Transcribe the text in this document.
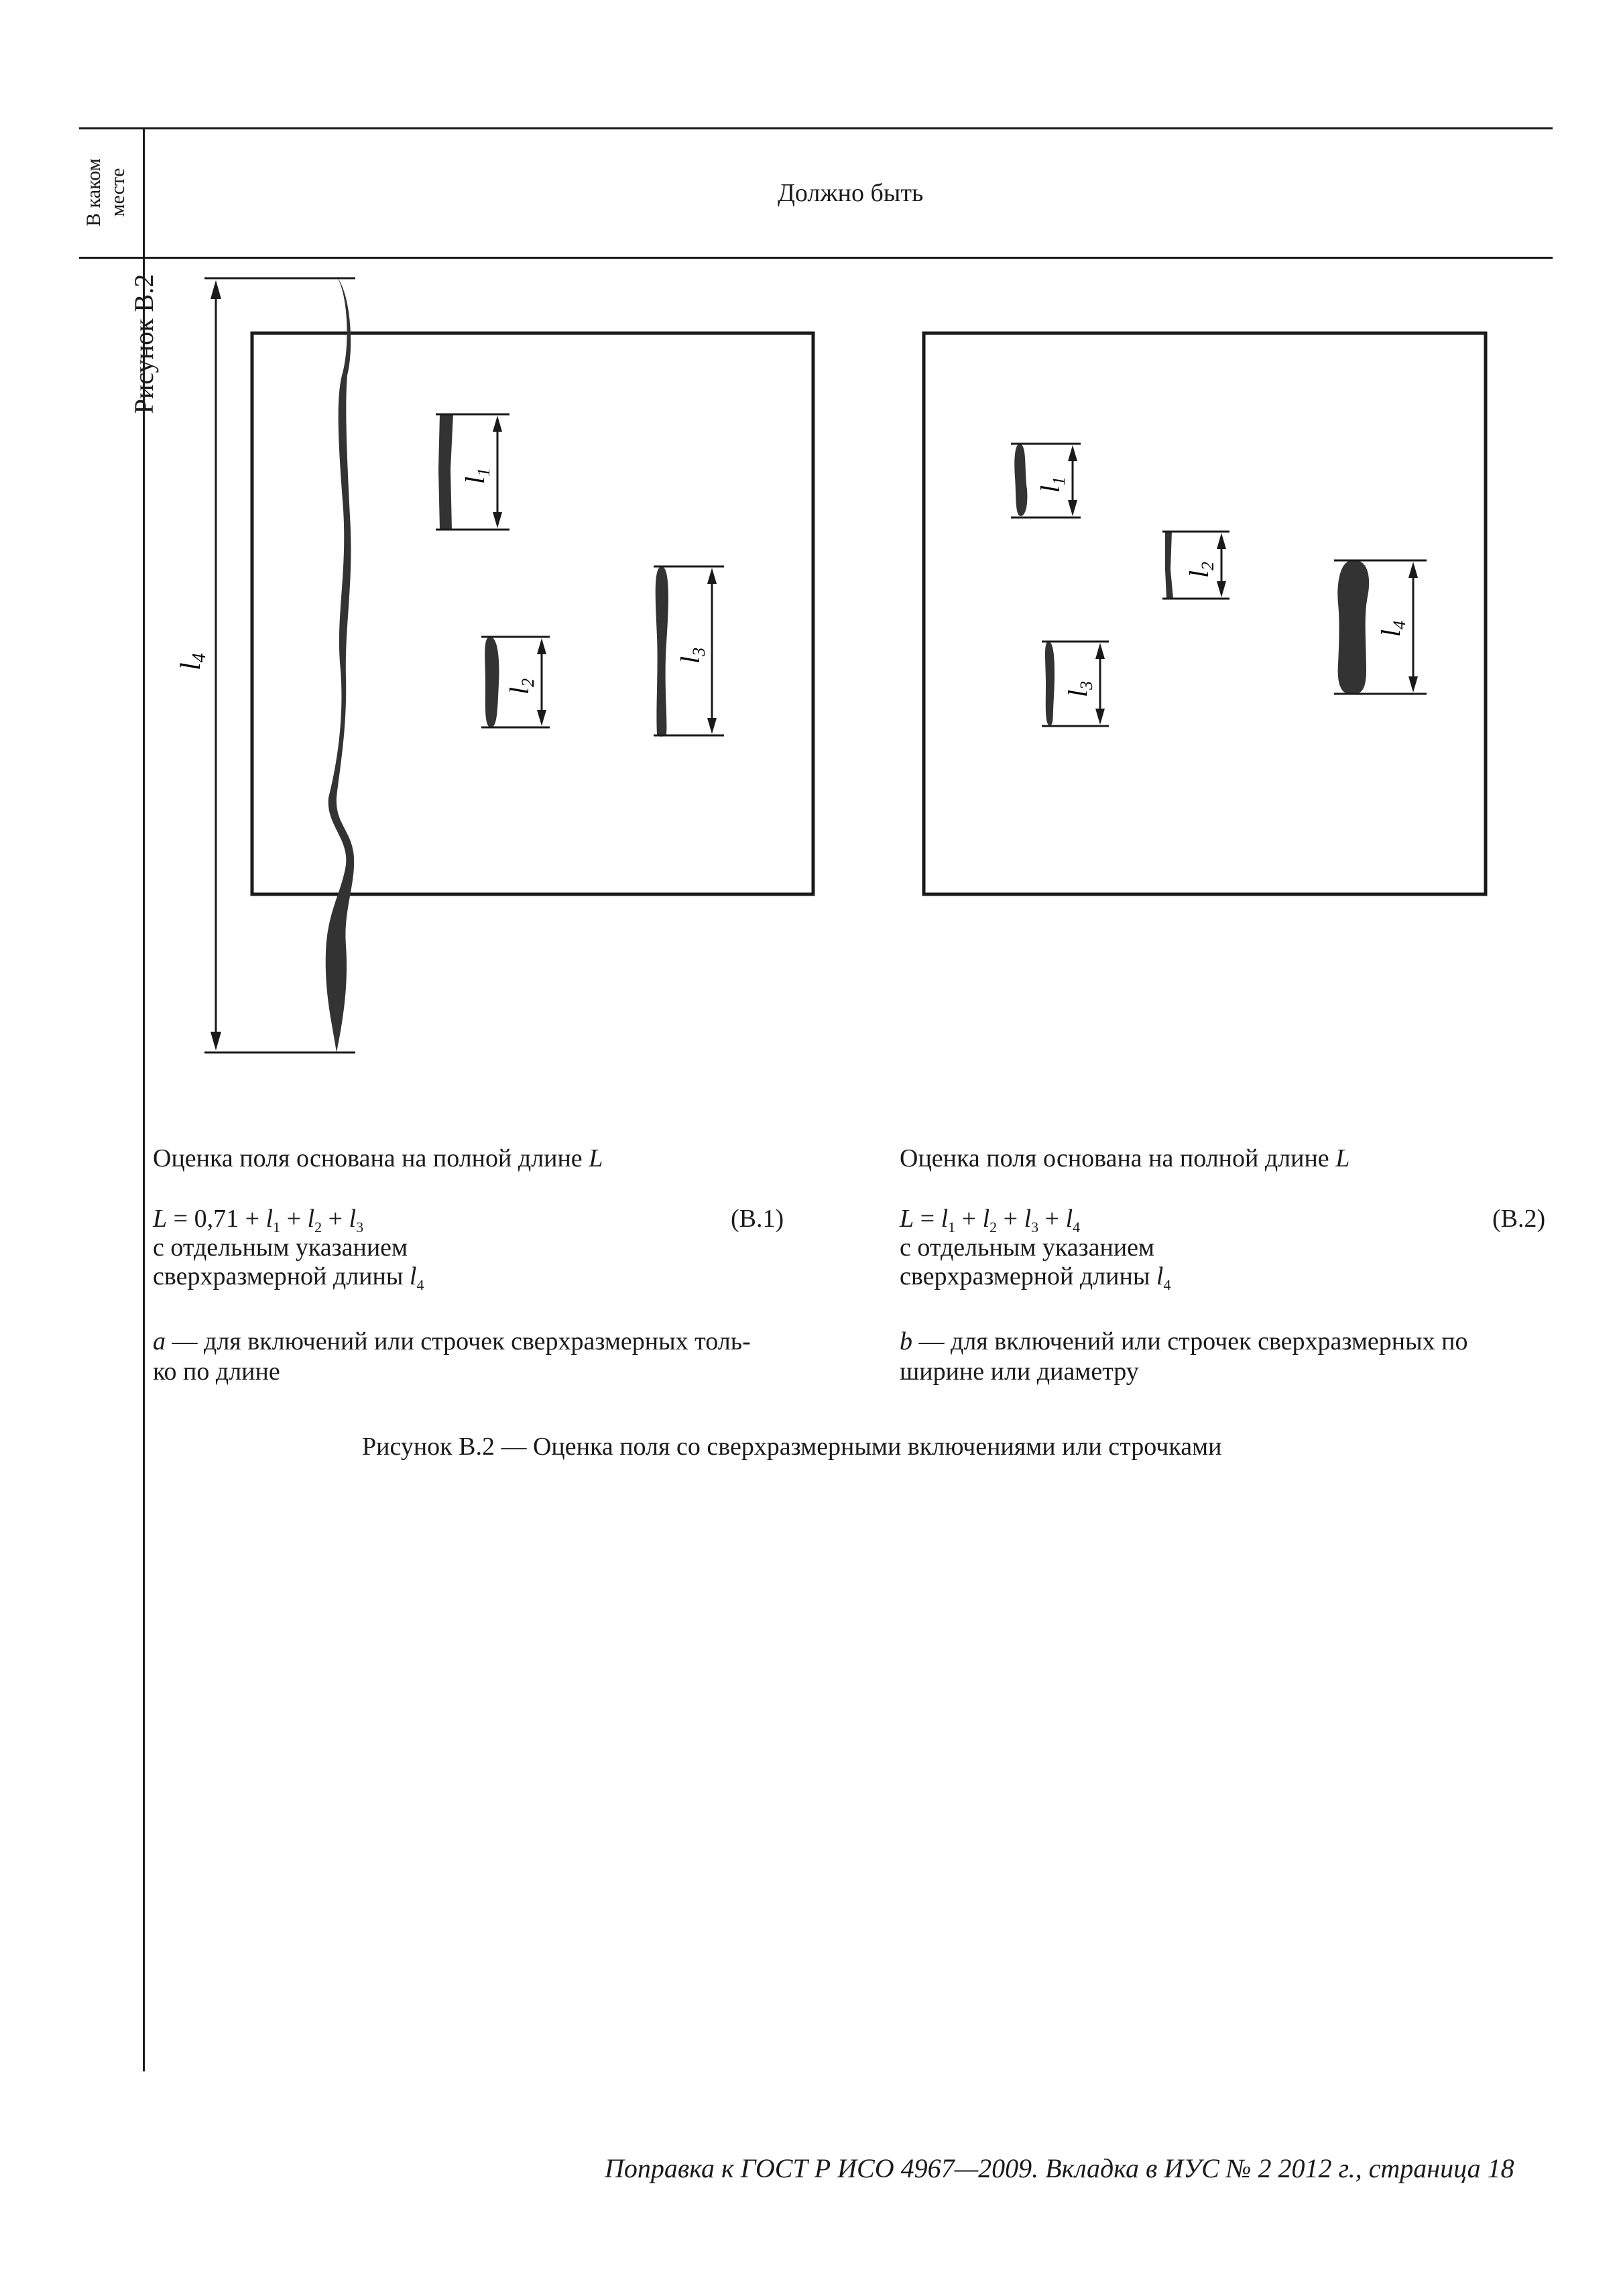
В каком месте	Должно быть
Рисунок В.2
l4
$l_1$
$l_2$
$l_3$
$l_1$
$l_2$
$l_3$
$l_4$
Оценка поля основана на полной длине L
$L = 0,71 + l_1 + l_2 + l_3$	(B.1)
с отдельным указанием
сверхразмерной длины $l_4$
a — для включений или строчек сверхразмерных толь-
ко по длине
Оценка поля основана на полной длине L
$L = l_1 + l_2 + l_3 + l_4$	(B.2)
с отдельным указанием
сверхразмерной длины $l_4$
b — для включений или строчек сверхразмерных по
ширине или диаметру
Рисунок В.2 — Оценка поля со сверхразмерными включениями или строчками
Поправка к ГОСТ Р ИСО 4967—2009. Вкладка в ИУС № 2 2012 г., страница 18
